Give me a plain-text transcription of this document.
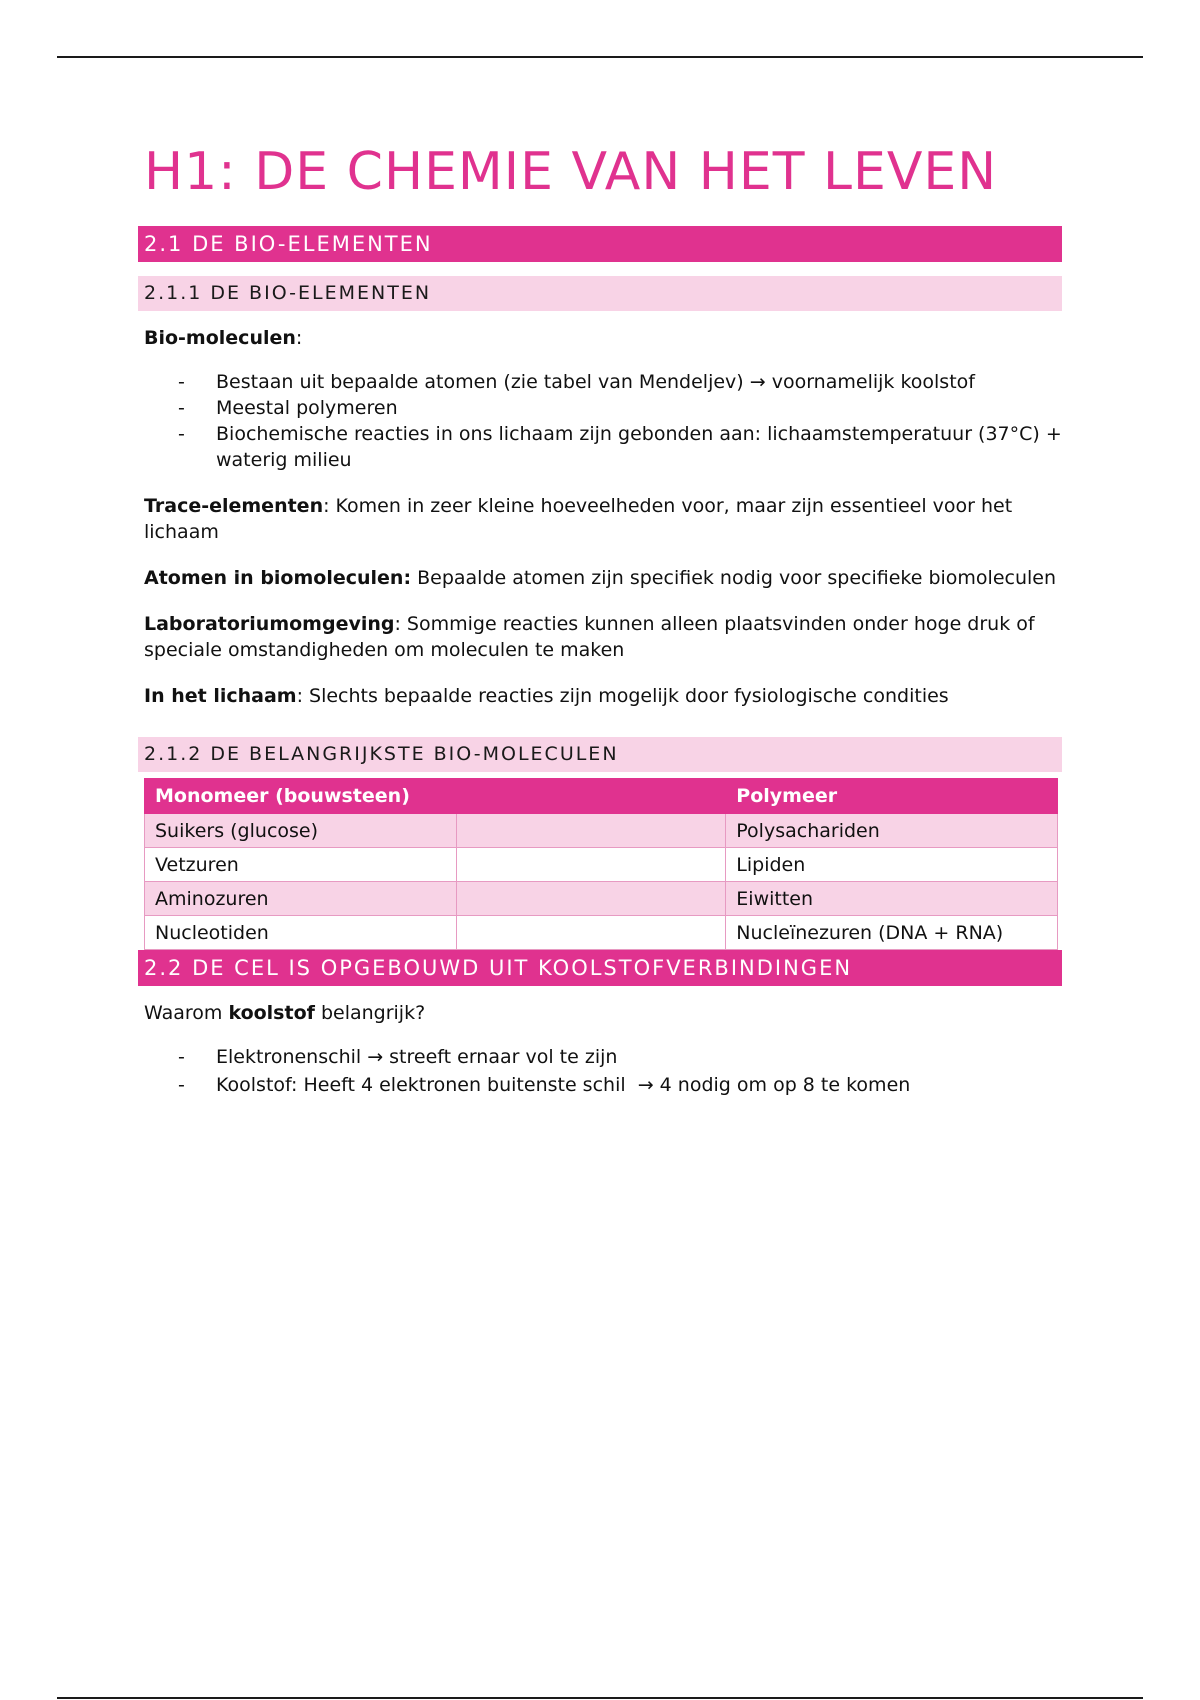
H1: DE CHEMIE VAN HET LEVEN
2.1 DE BIO-ELEMENTEN
2.1.1 DE BIO-ELEMENTEN

Bio-moleculen:

- Bestaan uit bepaalde atomen (zie tabel van Mendeljev) → voornamelijk koolstof
- Meestal polymeren
- Biochemische reacties in ons lichaam zijn gebonden aan: lichaamstemperatuur (37°C) + waterig milieu

Trace-elementen: Komen in zeer kleine hoeveelheden voor, maar zijn essentieel voor het lichaam

Atomen in biomoleculen: Bepaalde atomen zijn specifiek nodig voor specifieke biomoleculen

Laboratoriumomgeving: Sommige reacties kunnen alleen plaatsvinden onder hoge druk of speciale omstandigheden om moleculen te maken

In het lichaam: Slechts bepaalde reacties zijn mogelijk door fysiologische condities

2.1.2 DE BELANGRIJKSTE BIO-MOLECULEN
Monomeer (bouwsteen)		Polymeer
Suikers (glucose)		Polysachariden
Vetzuren		Lipiden
Aminozuren		Eiwitten
Nucleotiden		Nucleïnezuren (DNA + RNA)
2.2 DE CEL IS OPGEBOUWD UIT KOOLSTOFVERBINDINGEN

Waarom koolstof belangrijk?

- Elektronenschil → streeft ernaar vol te zijn
- Koolstof: Heeft 4 elektronen buitenste schil  → 4 nodig om op 8 te komen
